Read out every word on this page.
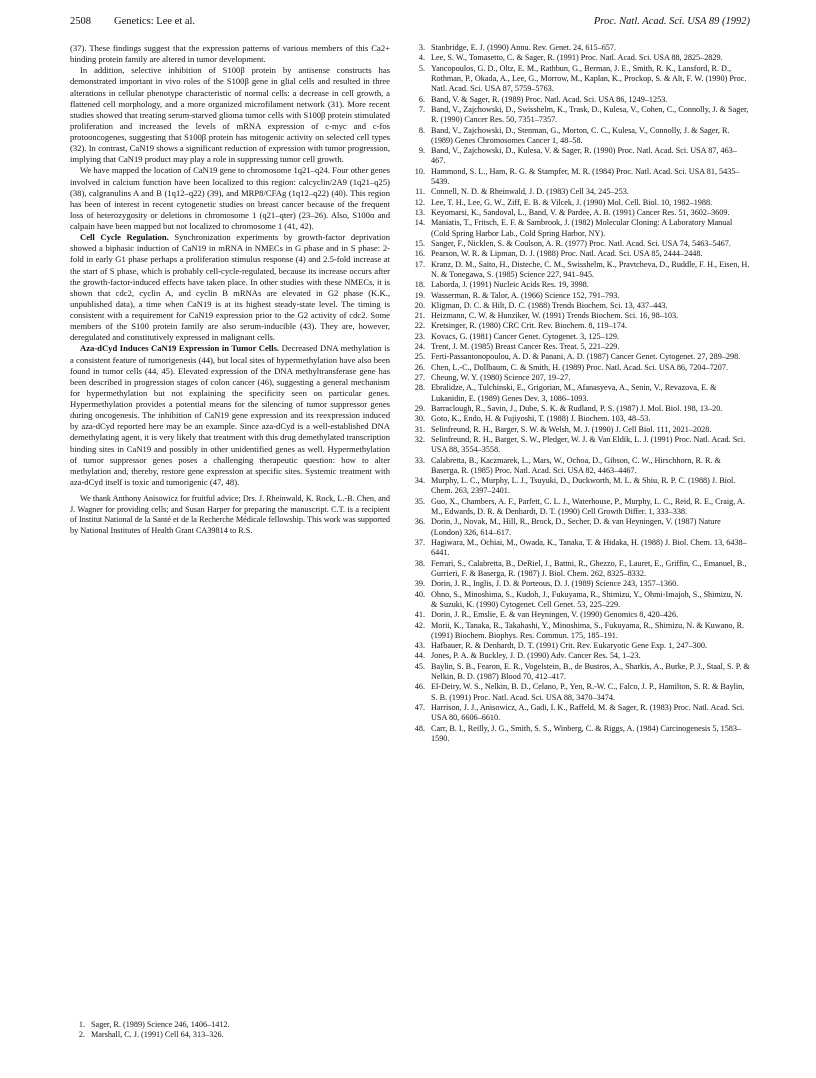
2508 Genetics: Lee et al.	Proc. Natl. Acad. Sci. USA 89 (1992)

(37). These findings suggest that the expression patterns of various members of this Ca2+ binding protein family are altered in tumor development.

In addition, selective inhibition of S100β protein by antisense constructs has demonstrated important in vivo roles of the S100β gene in glial cells and resulted in three alterations in cellular phenotype characteristic of normal cells: a decrease in cell growth, a flattened cell morphology, and a more organized microfilament network (31). More recent studies showed that treating serum-starved glioma tumor cells with S100β protein stimulated proliferation and increased the levels of mRNA expression of c-myc and c-fos protooncogenes, suggesting that S100β protein has mitogenic activity on selected cell types (32). In contrast, CaN19 shows a significant reduction of expression with tumor progression, implying that CaN19 product may play a role in suppressing tumor cell growth.

We have mapped the location of CaN19 gene to chromosome 1q21–q24. Four other genes involved in calcium function have been localized to this region: calcyclin/2A9 (1q21–q25) (38), calgranulins A and B (1q12–q22) (39), and MRP8/CFAg (1q12–q22) (40). This region has been of interest in recent cytogenetic studies on breast cancer because of the frequent loss of heterozygosity or deletions in chromosome 1 (q21–qter) (23–26). Also, S100α and calpain have been mapped but not localized to chromosome 1 (41, 42).

Cell Cycle Regulation. Synchronization experiments by growth-factor deprivation showed a biphasic induction of CaN19 in mRNA in NMECs in G phase and in S phase: 2-fold in early G1 phase perhaps a proliferation stimulus response (4) and 2.5-fold increase at the start of S phase, which is probably cell-cycle-regulated, because its increase occurs after the growth-factor-induced effects have taken place. In other studies with these NMECs, it is shown that cdc2, cyclin A, and cyclin B mRNAs are elevated in G2 phase (K.K., unpublished data), a time when CaN19 is at its highest steady-state level. The timing is consistent with a requirement for CaN19 expression prior to the G2 activity of cdc2. Some members of the S100 protein family are also serum-inducible (43). They are, however, deregulated and constitutively expressed in malignant cells.

Aza-dCyd Induces CaN19 Expression in Tumor Cells. Decreased DNA methylation is a consistent feature of tumorigenesis (44), but local sites of hypermethylation have also been found in tumor cells (44, 45). Elevated expression of the DNA methyltransferase gene has been described in progression stages of colon cancer (46), suggesting a general mechanism for hypermethylation but not explaining the specificity seen on particular genes. Hypermethylation provides a potential means for the silencing of tumor suppressor genes during oncogenesis. The inhibition of CaN19 gene expression and its reexpression induced by aza-dCyd reported here may be an example. Since aza-dCyd is a well-established DNA demethylating agent, it is very likely that treatment with this drug demethylated transcription binding sites in CaN19 and possibly in other unidentified genes as well. Hypermethylation of tumor suppressor genes poses a challenging therapeutic question: how to alter methylation and, thereby, restore gene expression at specific sites. Systemic treatment with aza-dCyd itself is toxic and tumorigenic (47, 48).

We thank Anthony Anisowicz for fruitful advice; Drs. J. Rheinwald, K. Rock, L.-B. Chen, and J. Wagner for providing cells; and Susan Harper for preparing the manuscript. C.T. is a recipient of Institut National de la Santé et de la Recherche Médicale fellowship. This work was supported by National Institutes of Health Grant CA39814 to R.S.

1. Sager, R. (1989) Science 246, 1406–1412.
2. Marshall, C. J. (1991) Cell 64, 313–326.
3. Stanbridge, E. J. (1990) Annu. Rev. Genet. 24, 615–657.
4. Lee, S. W., Tomasetto, C. & Sager, R. (1991) Proc. Natl. Acad. Sci. USA 88, 2825–2829.
5. Yancopoulos, G. D., Oltz, E. M., Rathbun, G., Berman, J. E., Smith, R. K., Lansford, R. D., Rothman, P., Okada, A., Lee, G., Morrow, M., Kaplan, K., Prockop, S. & Alt, F. W. (1990) Proc. Natl. Acad. Sci. USA 87, 5759–5763.
6. Band, V. & Sager, R. (1989) Proc. Natl. Acad. Sci. USA 86, 1249–1253.
7. Band, V., Zajchowski, D., Swisshelm, K., Trask, D., Kulesa, V., Cohen, C., Connolly, J. & Sager, R. (1990) Cancer Res. 50, 7351–7357.
8. Band, V., Zajchowski, D., Stenman, G., Morton, C. C., Kulesa, V., Connolly, J. & Sager, R. (1989) Genes Chromosomes Cancer 1, 48–58.
9. Band, V., Zajchowski, D., Kulesa, V. & Sager, R. (1990) Proc. Natl. Acad. Sci. USA 87, 463–467.
10. Hammond, S. L., Ham, R. G. & Stampfer, M. R. (1984) Proc. Natl. Acad. Sci. USA 81, 5435–5439.
11. Connell, N. D. & Rheinwald, J. D. (1983) Cell 34, 245–253.
12. Lee, T. H., Lee, G. W., Ziff, E. B. & Vilcek, J. (1990) Mol. Cell. Biol. 10, 1982–1988.
13. Keyomarsi, K., Sandoval, L., Band, V. & Pardee, A. B. (1991) Cancer Res. 51, 3602–3609.
14. Maniatis, T., Fritsch, E. F. & Sambrook, J. (1982) Molecular Cloning: A Laboratory Manual (Cold Spring Harbor Lab., Cold Spring Harbor, NY).
15. Sanger, F., Nicklen, S. & Coulson, A. R. (1977) Proc. Natl. Acad. Sci. USA 74, 5463–5467.
16. Pearson, W. R. & Lipman, D. J. (1988) Proc. Natl. Acad. Sci. USA 85, 2444–2448.
17. Kranz, D. M., Saito, H., Disteche, C. M., Swisshelm, K., Pravtcheva, D., Ruddle, F. H., Eisen, H. N. & Tonegawa, S. (1985) Science 227, 941–945.
18. Laborda, J. (1991) Nucleic Acids Res. 19, 3998.
19. Wasserman, R. & Talor, A. (1966) Science 152, 791–793.
20. Kligman, D. C. & Hilt, D. C. (1988) Trends Biochem. Sci. 13, 437–443.
21. Heizmann, C. W. & Hunziker, W. (1991) Trends Biochem. Sci. 16, 98–103.
22. Kretsinger, R. (1980) CRC Crit. Rev. Biochem. 8, 119–174.
23. Kovacs, G. (1981) Cancer Genet. Cytogenet. 3, 125–129.
24. Trent, J. M. (1985) Breast Cancer Res. Treat. 5, 221–229.
25. Ferti-Passantonopoulou, A. D. & Panani, A. D. (1987) Cancer Genet. Cytogenet. 27, 289–298.
26. Chen, L.-C., Dollbaum, C. & Smith, H. (1989) Proc. Natl. Acad. Sci. USA 86, 7204–7207.
27. Cheung, W. Y. (1980) Science 207, 19–27.
28. Ebralidze, A., Tulchinski, E., Grigorian, M., Afanasyeva, A., Senin, V., Revazova, E. & Lukanidin, E. (1989) Genes Dev. 3, 1086–1093.
29. Barraclough, R., Savin, J., Dube, S. K. & Rudland, P. S. (1987) J. Mol. Biol. 198, 13–20.
30. Goto, K., Endo, H. & Fujiyoshi, T. (1988) J. Biochem. 103, 48–53.
31. Selinfreund, R. H., Barger, S. W. & Welsh, M. J. (1990) J. Cell Biol. 111, 2021–2028.
32. Selinfreund, R. H., Barger, S. W., Pledger, W. J. & Van Eldik, L. J. (1991) Proc. Natl. Acad. Sci. USA 88, 3554–3558.
33. Calabretta, B., Kaczmarek, L., Mars, W., Ochoa, D., Gibson, C. W., Hirschhorn, R. R. & Baserga, R. (1985) Proc. Natl. Acad. Sci. USA 82, 4463–4467.
34. Murphy, L. C., Murphy, L. J., Tsuyuki, D., Duckworth, M. L. & Shiu, R. P. C. (1988) J. Biol. Chem. 263, 2397–2401.
35. Guo, X., Chambers, A. F., Parfett, C. L. J., Waterhouse, P., Murphy, L. C., Reid, R. E., Craig, A. M., Edwards, D. R. & Denhardt, D. T. (1990) Cell Growth Differ. 1, 333–338.
36. Dorin, J., Novak, M., Hill, R., Brock, D., Secher, D. & van Heyningen, V. (1987) Nature (London) 326, 614–617.
37. Hagiwara, M., Ochiai, M., Owada, K., Tanaka, T. & Hidaka, H. (1988) J. Biol. Chem. 13, 6438–6441.
38. Ferrari, S., Calabretta, B., DeRiel, J., Battni, R., Ghezzo, F., Lauret, E., Griffin, C., Emanuel, B., Gurrieri, F. & Baserga, R. (1987) J. Biol. Chem. 262, 8325–8332.
39. Dorin, J. R., Inglis, J. D. & Porteous, D. J. (1989) Science 243, 1357–1360.
40. Ohno, S., Minoshima, S., Kudoh, J., Fukuyama, R., Shimizu, Y., Ohmi-Imajoh, S., Shimizu, N. & Suzuki, K. (1990) Cytogenet. Cell Genet. 53, 225–229.
41. Dorin, J. R., Emslie, E. & van Heyningen, V. (1990) Genomics 8, 420–426.
42. Morii, K., Tanaka, R., Takahashi, Y., Minoshima, S., Fukuyama, R., Shimizu, N. & Kuwano, R. (1991) Biochem. Biophys. Res. Commun. 175, 185–191.
43. Hafbauer, R. & Denhardt, D. T. (1991) Crit. Rev. Eukaryotic Gene Exp. 1, 247–300.
44. Jones, P. A. & Buckley, J. D. (1990) Adv. Cancer Res. 54, 1–23.
45. Baylin, S. B., Fearon, E. R., Vogelstein, B., de Bustros, A., Sharkis, A., Burke, P. J., Staal, S. P. & Nelkin, B. D. (1987) Blood 70, 412–417.
46. El-Deiry, W. S., Nelkin, B. D., Celano, P., Yen, R.-W. C., Falco, J. P., Hamilton, S. R. & Baylin, S. B. (1991) Proc. Natl. Acad. Sci. USA 88, 3470–3474.
47. Harrison, J. J., Anisowicz, A., Gadi, I. K., Raffeld, M. & Sager, R. (1983) Proc. Natl. Acad. Sci. USA 80, 6606–6610.
48. Carr, B. I., Reilly, J. G., Smith, S. S., Winberg, C. & Riggs, A. (1984) Carcinogenesis 5, 1583–1590.
